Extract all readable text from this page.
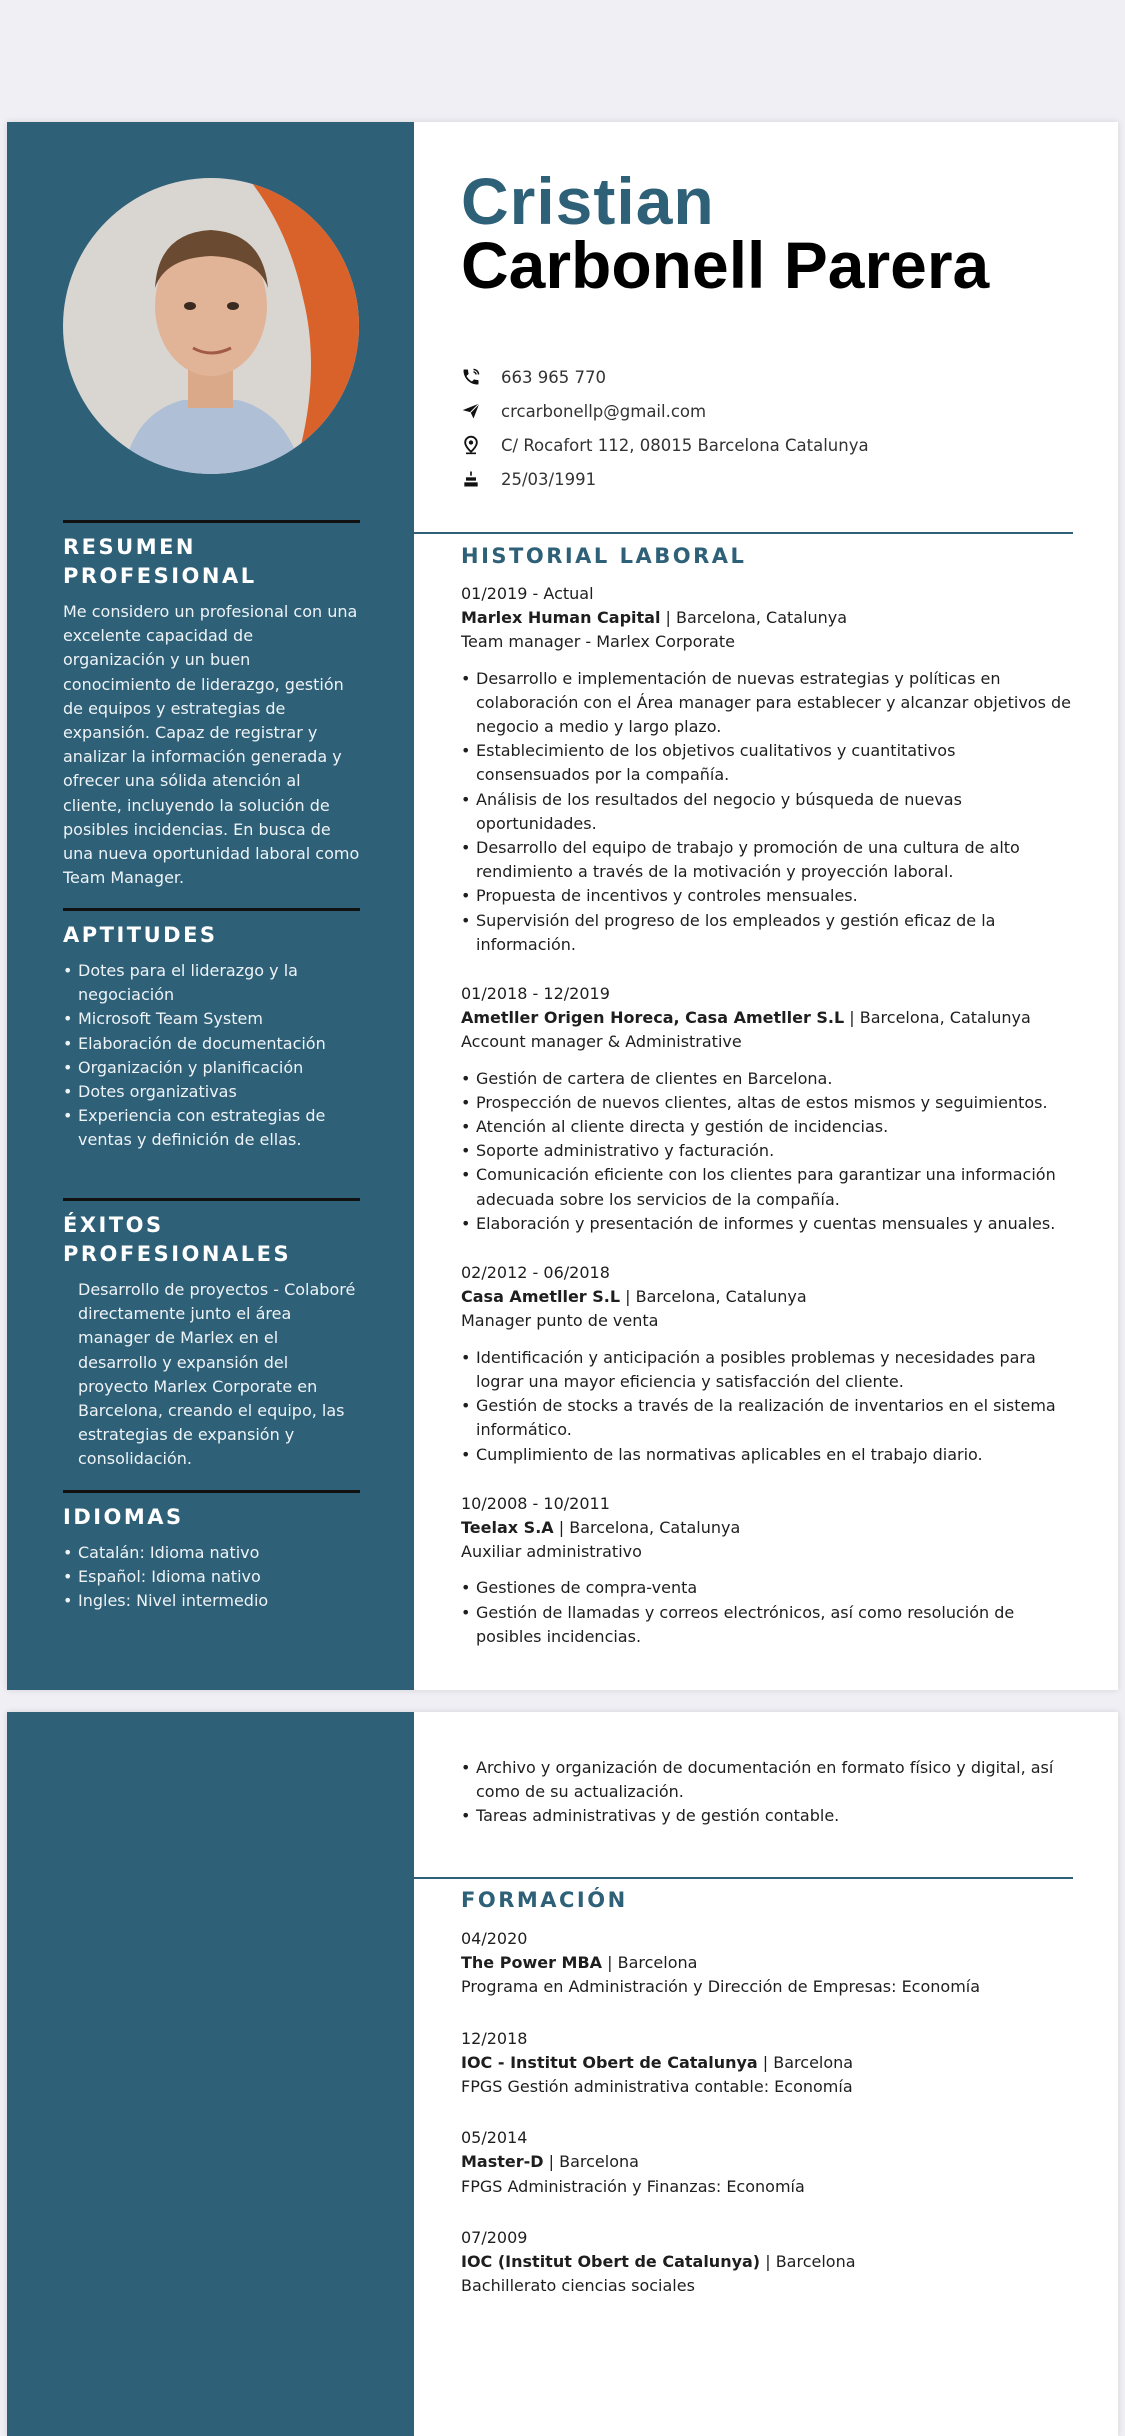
RESUMEN PROFESIONAL

Me considero un profesional con una excelente capacidad de organización y un buen conocimiento de liderazgo, gestión de equipos y estrategias de expansión. Capaz de registrar y analizar la información generada y ofrecer una sólida atención al cliente, incluyendo la solución de posibles incidencias. En busca de una nueva oportunidad laboral como Team Manager.

APTITUDES
• Dotes para el liderazgo y la negociación
• Microsoft Team System
• Elaboración de documentación
• Organización y planificación
• Dotes organizativas
• Experiencia con estrategias de ventas y definición de ellas.
ÉXITOS PROFESIONALES

Desarrollo de proyectos - Colaboré directamente junto el área manager de Marlex en el desarrollo y expansión del proyecto Marlex Corporate en Barcelona, creando el equipo, las estrategias de expansión y consolidación.

IDIOMAS
• Catalán: Idioma nativo
• Español: Idioma nativo
• Ingles: Nivel intermedio
Cristian
Carbonell Parera
663 965 770
crcarbonellp@gmail.com
C/ Rocafort 112, 08015 Barcelona Catalunya
25/03/1991
HISTORIAL LABORAL

01/2019 - Actual

Marlex Human Capital | Barcelona, Catalunya

Team manager - Marlex Corporate

• Desarrollo e implementación de nuevas estrategias y políticas en colaboración con el Área manager para establecer y alcanzar objetivos de negocio a medio y largo plazo.
• Establecimiento de los objetivos cualitativos y cuantitativos consensuados por la compañía.
• Análisis de los resultados del negocio y búsqueda de nuevas oportunidades.
• Desarrollo del equipo de trabajo y promoción de una cultura de alto rendimiento a través de la motivación y proyección laboral.
• Propuesta de incentivos y controles mensuales.
• Supervisión del progreso de los empleados y gestión eficaz de la información.

01/2018 - 12/2019

Ametller Origen Horeca, Casa Ametller S.L | Barcelona, Catalunya

Account manager & Administrative

• Gestión de cartera de clientes en Barcelona.
• Prospección de nuevos clientes, altas de estos mismos y seguimientos.
• Atención al cliente directa y gestión de incidencias.
• Soporte administrativo y facturación.
• Comunicación eficiente con los clientes para garantizar una información adecuada sobre los servicios de la compañía.
• Elaboración y presentación de informes y cuentas mensuales y anuales.

02/2012 - 06/2018

Casa Ametller S.L | Barcelona, Catalunya

Manager punto de venta

• Identificación y anticipación a posibles problemas y necesidades para lograr una mayor eficiencia y satisfacción del cliente.
• Gestión de stocks a través de la realización de inventarios en el sistema informático.
• Cumplimiento de las normativas aplicables en el trabajo diario.

10/2008 - 10/2011

Teelax S.A | Barcelona, Catalunya

Auxiliar administrativo

• Gestiones de compra-venta
• Gestión de llamadas y correos electrónicos, así como resolución de posibles incidencias.
• Archivo y organización de documentación en formato físico y digital, así como de su actualización.
• Tareas administrativas y de gestión contable.
FORMACIÓN

04/2020

The Power MBA | Barcelona

Programa en Administración y Dirección de Empresas: Economía

12/2018

IOC - Institut Obert de Catalunya | Barcelona

FPGS Gestión administrativa contable: Economía

05/2014

Master-D | Barcelona

FPGS Administración y Finanzas: Economía

07/2009

IOC (Institut Obert de Catalunya) | Barcelona

Bachillerato ciencias sociales
